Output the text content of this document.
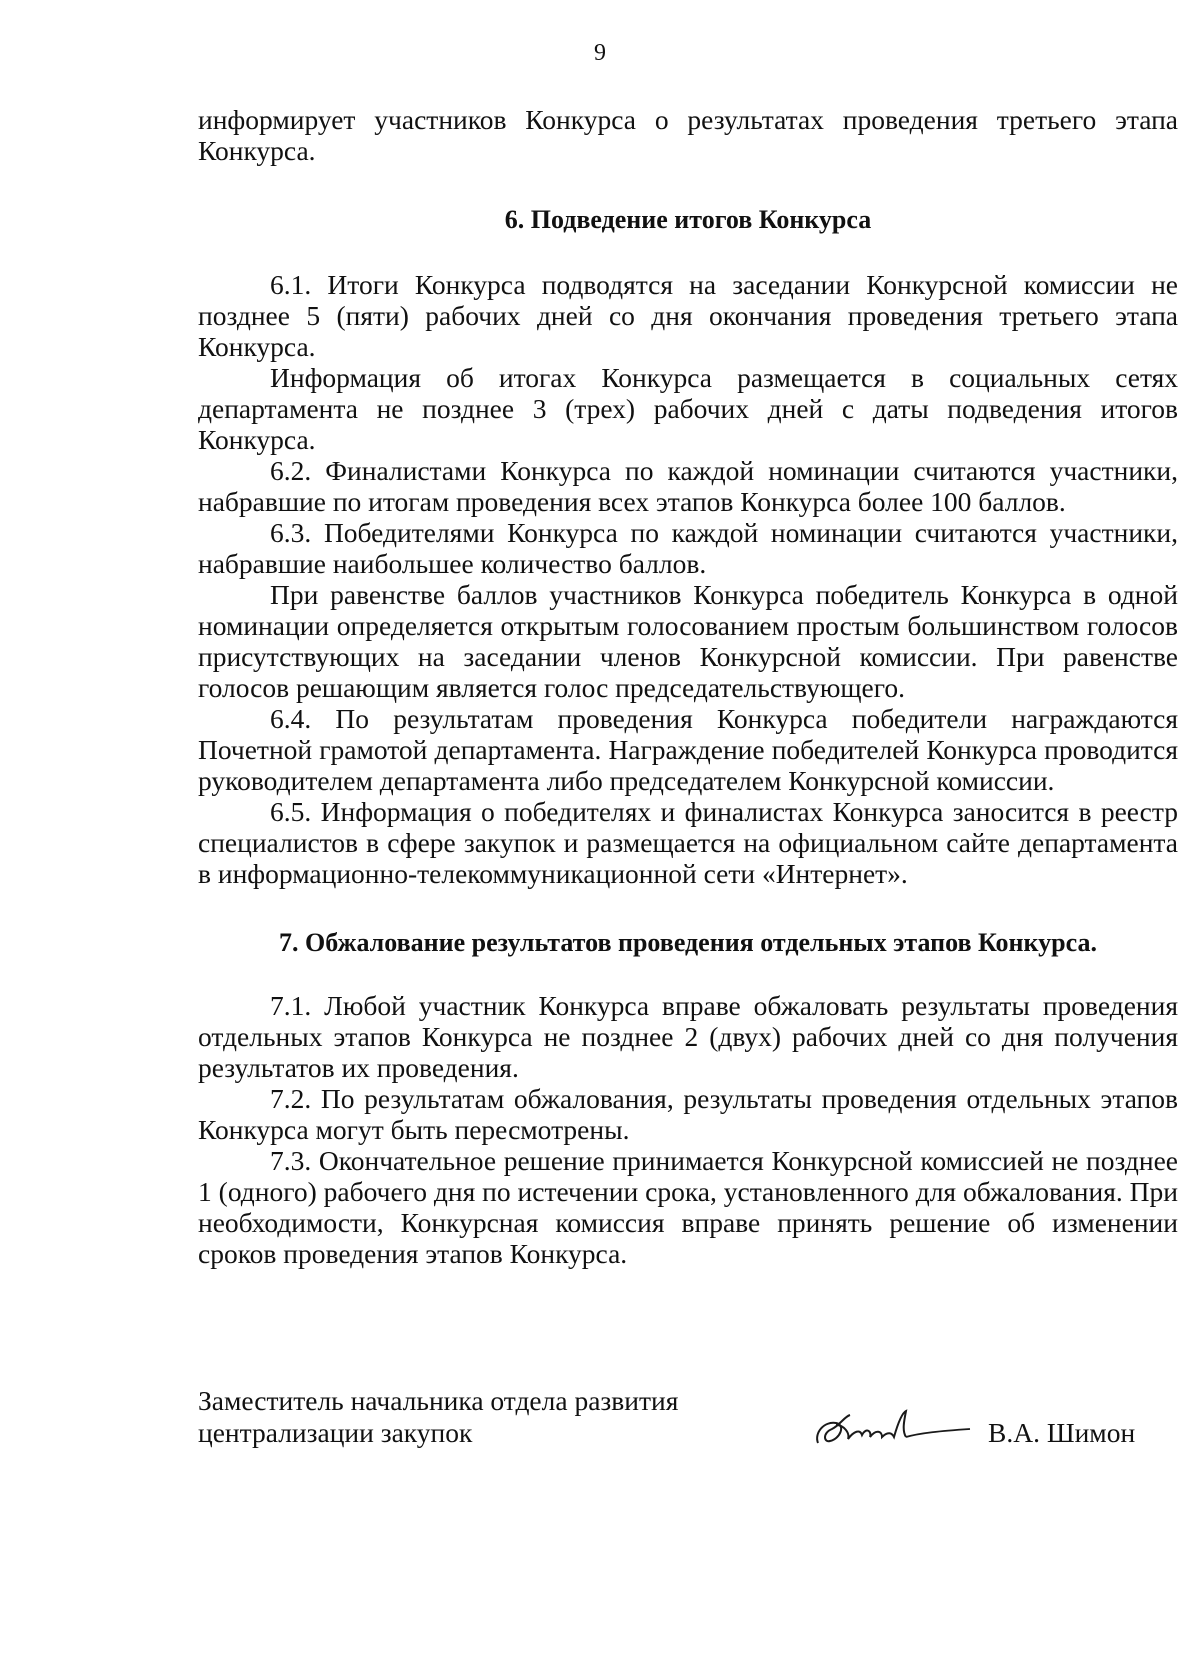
9

информирует участников Конкурса о результатах проведения третьего этапа Конкурса.

6. Подведение итогов Конкурса

6.1. Итоги Конкурса подводятся на заседании Конкурсной комиссии не позднее 5 (пяти) рабочих дней со дня окончания проведения третьего этапа Конкурса.

Информация об итогах Конкурса размещается в социальных сетях департамента не позднее 3 (трех) рабочих дней с даты подведения итогов Конкурса.

6.2. Финалистами Конкурса по каждой номинации считаются участники, набравшие по итогам проведения всех этапов Конкурса более 100 баллов.

6.3. Победителями Конкурса по каждой номинации считаются участники, набравшие наибольшее количество баллов.

При равенстве баллов участников Конкурса победитель Конкурса в одной номинации определяется открытым голосованием простым большинством голосов присутствующих на заседании членов Конкурсной комиссии. При равенстве голосов решающим является голос председательствующего.

6.4. По результатам проведения Конкурса победители награждаются Почетной грамотой департамента. Награждение победителей Конкурса проводится руководителем департамента либо председателем Конкурсной комиссии.

6.5. Информация о победителях и финалистах Конкурса заносится в реестр специалистов в сфере закупок и размещается на официальном сайте департамента в информационно-телекоммуникационной сети «Интернет».

7. Обжалование результатов проведения отдельных этапов Конкурса.

7.1. Любой участник Конкурса вправе обжаловать результаты проведения отдельных этапов Конкурса не позднее 2 (двух) рабочих дней со дня получения результатов их проведения.

7.2. По результатам обжалования, результаты проведения отдельных этапов Конкурса могут быть пересмотрены.

7.3. Окончательное решение принимается Конкурсной комиссией не позднее 1 (одного) рабочего дня по истечении срока, установленного для обжалования. При необходимости, Конкурсная комиссия вправе принять решение об изменении сроков проведения этапов Конкурса.

Заместитель начальника отдела развития
централизации закупок	В.А. Шимон
